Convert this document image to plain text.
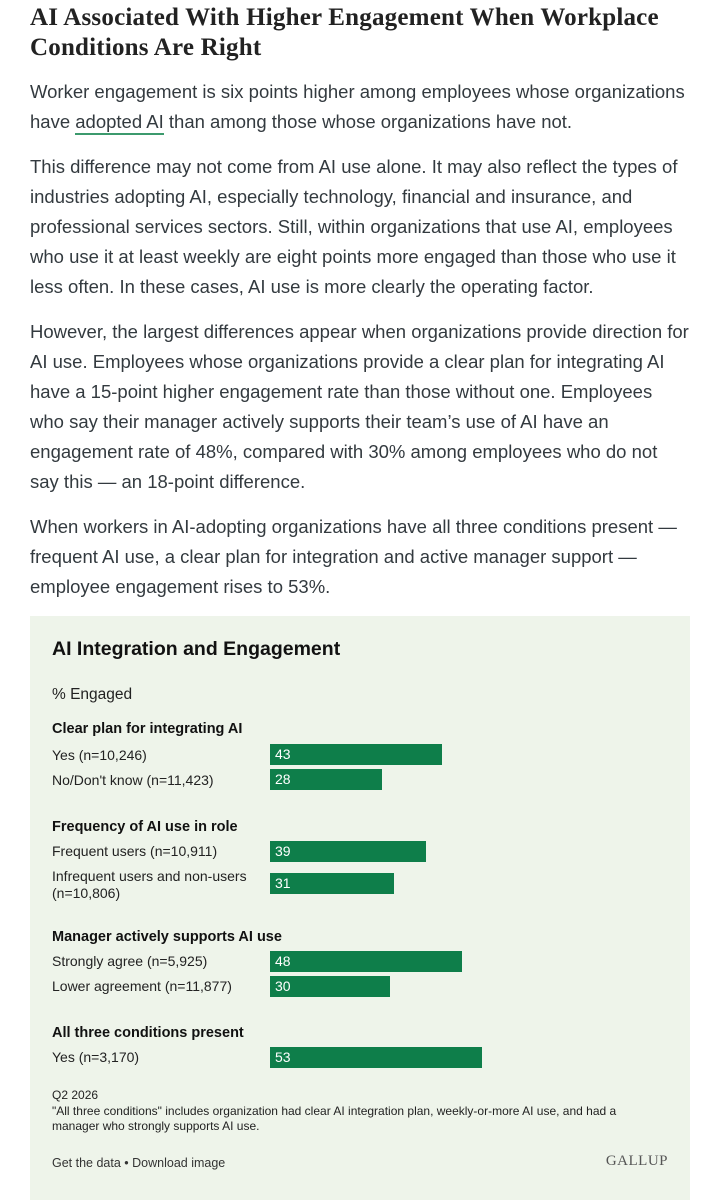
AI Associated With Higher Engagement When Workplace Conditions Are Right

Worker engagement is six points higher among employees whose organizations have adopted AI than among those whose organizations have not.

This difference may not come from AI use alone. It may also reflect the types of industries adopting AI, especially technology, financial and insurance, and professional services sectors. Still, within organizations that use AI, employees who use it at least weekly are eight points more engaged than those who use it less often. In these cases, AI use is more clearly the operating factor.

However, the largest differences appear when organizations provide direction for AI use. Employees whose organizations provide a clear plan for integrating AI have a 15-point higher engagement rate than those without one. Employees who say their manager actively supports their team’s use of AI have an engagement rate of 48%, compared with 30% among employees who do not say this — an 18-point difference.

When workers in AI-adopting organizations have all three conditions present — frequent AI use, a clear plan for integration and active manager support — employee engagement rises to 53%.

AI Integration and Engagement
% Engaged
Clear plan for integrating AI
Yes (n=10,246)	43
No/Don't know (n=11,423)	28
Frequency of AI use in role
Frequent users (n=10,911)	39
Infrequent users and non-users (n=10,806)
31
Manager actively supports AI use
Strongly agree (n=5,925)	48
Lower agreement (n=11,877)	30
All three conditions present
Yes (n=3,170)	53
Q2 2026
"All three conditions" includes organization had clear AI integration plan, weekly-or-more AI use, and had a manager who strongly supports AI use.
Get the data • Download image	GALLUP
